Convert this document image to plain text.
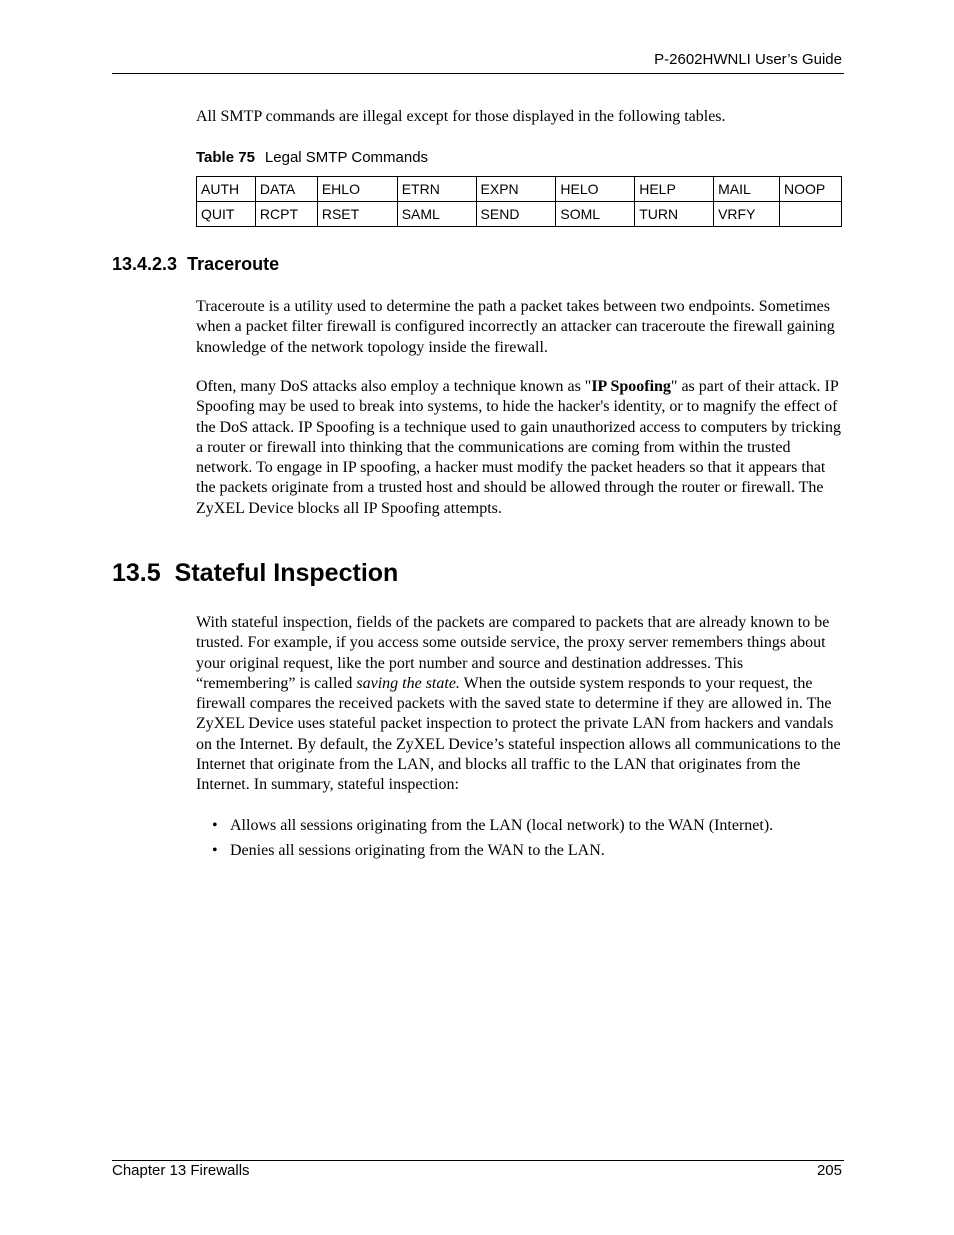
P-2602HWNLI User’s Guide

All SMTP commands are illegal except for those displayed in the following tables.

Table 75 Legal SMTP Commands
AUTH	DATA	EHLO	ETRN	EXPN	HELO	HELP	MAIL	NOOP
QUIT	RCPT	RSET	SAML	SEND	SOML	TURN	VRFY	
13.4.2.3 Traceroute

Traceroute is a utility used to determine the path a packet takes between two endpoints. Sometimes when a packet filter firewall is configured incorrectly an attacker can traceroute the firewall gaining knowledge of the network topology inside the firewall.

Often, many DoS attacks also employ a technique known as "IP Spoofing" as part of their attack. IP Spoofing may be used to break into systems, to hide the hacker's identity, or to magnify the effect of the DoS attack. IP Spoofing is a technique used to gain unauthorized access to computers by tricking a router or firewall into thinking that the communications are coming from within the trusted network. To engage in IP spoofing, a hacker must modify the packet headers so that it appears that the packets originate from a trusted host and should be allowed through the router or firewall. The ZyXEL Device blocks all IP Spoofing attempts.

13.5 Stateful Inspection

With stateful inspection, fields of the packets are compared to packets that are already known to be trusted. For example, if you access some outside service, the proxy server remembers things about your original request, like the port number and source and destination addresses. This “remembering” is called saving the state. When the outside system responds to your request, the firewall compares the received packets with the saved state to determine if they are allowed in. The ZyXEL Device uses stateful packet inspection to protect the private LAN from hackers and vandals on the Internet. By default, the ZyXEL Device’s stateful inspection allows all communications to the Internet that originate from the LAN, and blocks all traffic to the LAN that originates from the Internet. In summary, stateful inspection:

• Allows all sessions originating from the LAN (local network) to the WAN (Internet).
• Denies all sessions originating from the WAN to the LAN.
Chapter 13 Firewalls	205
